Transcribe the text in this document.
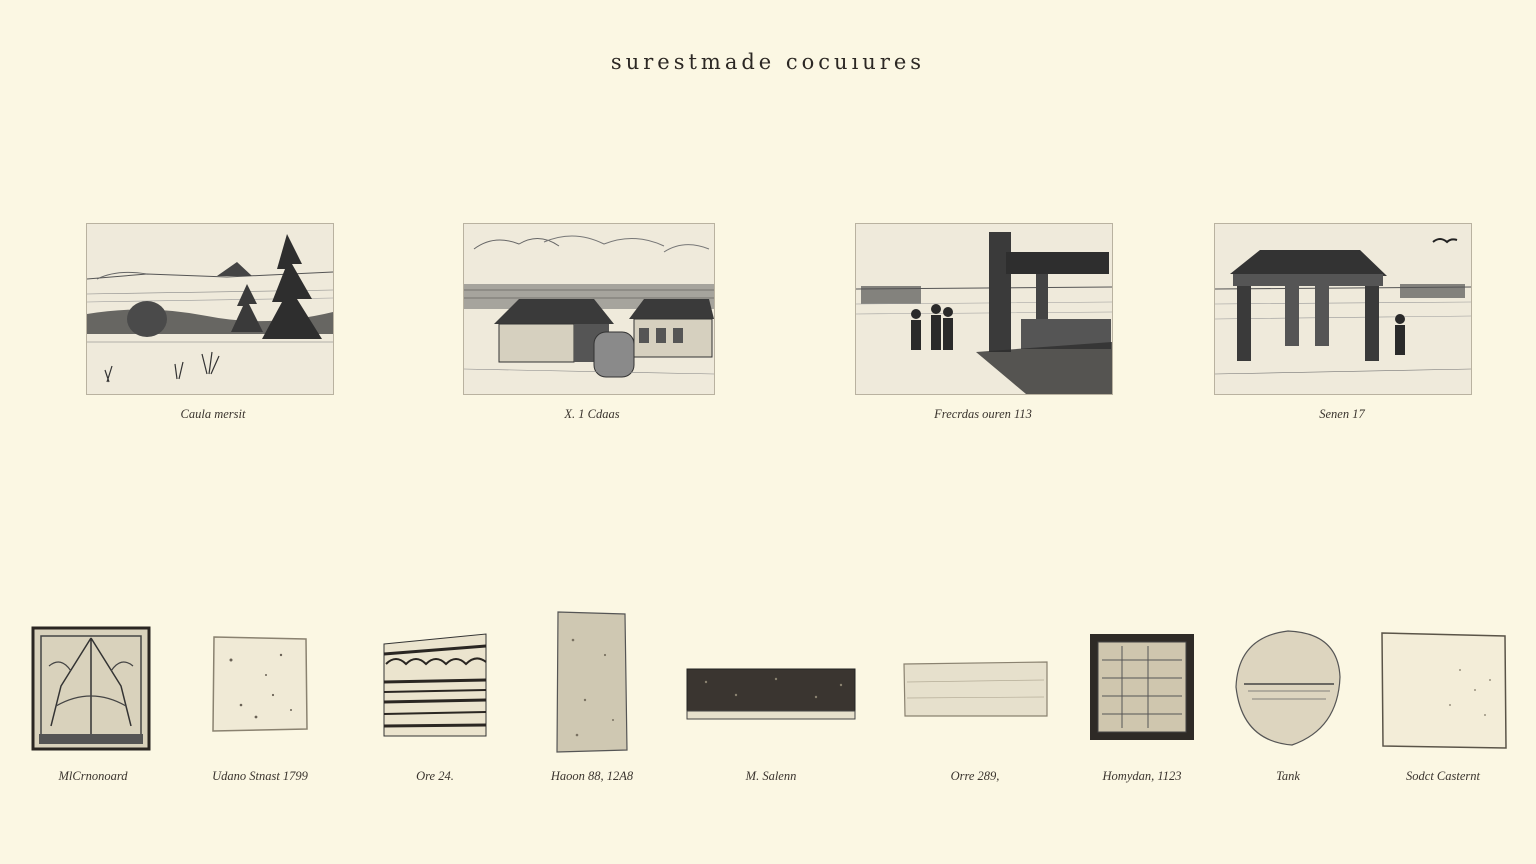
surestmade cocuıures
Caula mersit	X. 1 Cdaas	Frecrdas ouren 113	Senen 17
MlCrnonoard	Udano Stnast 1799	Ore 24.	Haoon 88, 12A8	M. Salenn	Orre 289,	Homydan, 1123	Tank	Sodct Casternt
